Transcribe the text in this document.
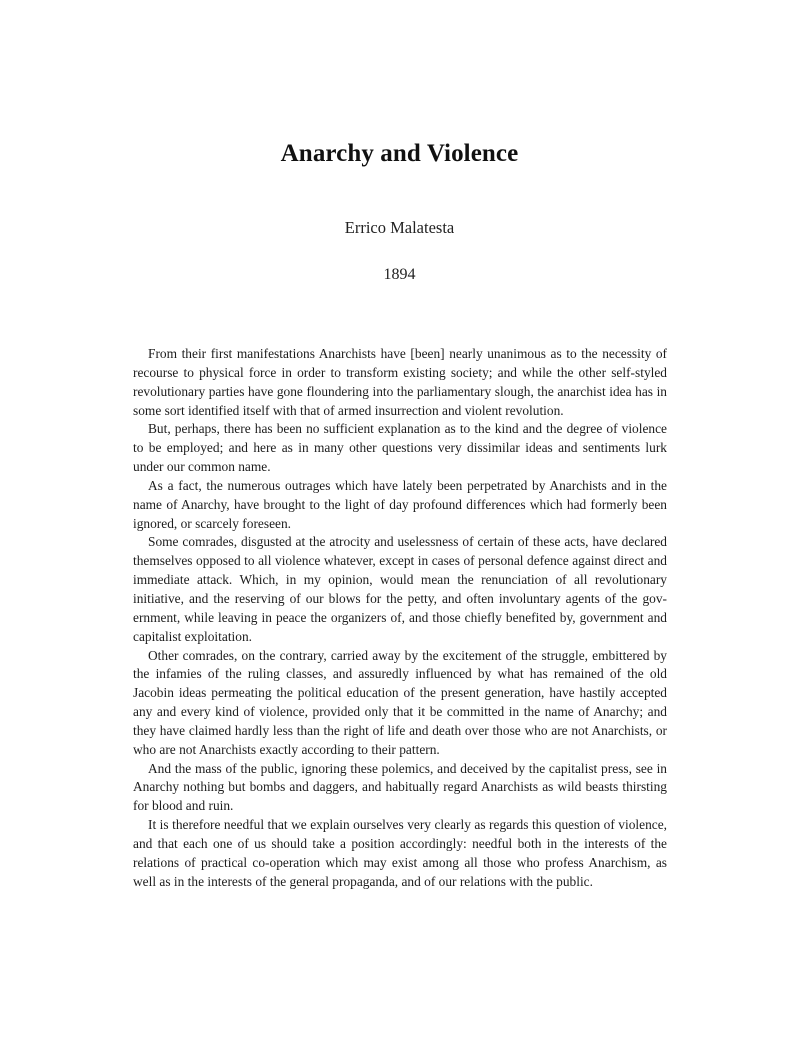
Anarchy and Violence
Errico Malatesta
1894

From their first manifestations Anarchists have [been] nearly unanimous as to the necessity of recourse to physical force in order to transform existing society; and while the other self-styled revolutionary parties have gone floundering into the parliamentary slough, the anarchist idea has in some sort identified itself with that of armed insurrection and violent revolution.

But, perhaps, there has been no sufficient explanation as to the kind and the degree of violence to be employed; and here as in many other questions very dissimilar ideas and sentiments lurk under our common name.

As a fact, the numerous outrages which have lately been perpetrated by Anarchists and in the name of Anarchy, have brought to the light of day profound differences which had formerly been ignored, or scarcely foreseen.

Some comrades, disgusted at the atrocity and uselessness of certain of these acts, have declared themselves opposed to all violence whatever, except in cases of personal defence against direct and immediate attack. Which, in my opinion, would mean the renunciation of all revolutionary initiative, and the reserving of our blows for the petty, and often involuntary agents of the government, while leaving in peace the organizers of, and those chiefly benefited by, government and capitalist exploitation.

Other comrades, on the contrary, carried away by the excitement of the struggle, embittered by the infamies of the ruling classes, and assuredly influenced by what has remained of the old Jacobin ideas permeating the political education of the present generation, have hastily accepted any and every kind of violence, provided only that it be committed in the name of Anarchy; and they have claimed hardly less than the right of life and death over those who are not Anarchists, or who are not Anarchists exactly according to their pattern.

And the mass of the public, ignoring these polemics, and deceived by the capitalist press, see in Anarchy nothing but bombs and daggers, and habitually regard Anarchists as wild beasts thirsting for blood and ruin.

It is therefore needful that we explain ourselves very clearly as regards this question of violence, and that each one of us should take a position accordingly: needful both in the interests of the relations of practical co-operation which may exist among all those who profess Anarchism, as well as in the interests of the general propaganda, and of our relations with the public.
